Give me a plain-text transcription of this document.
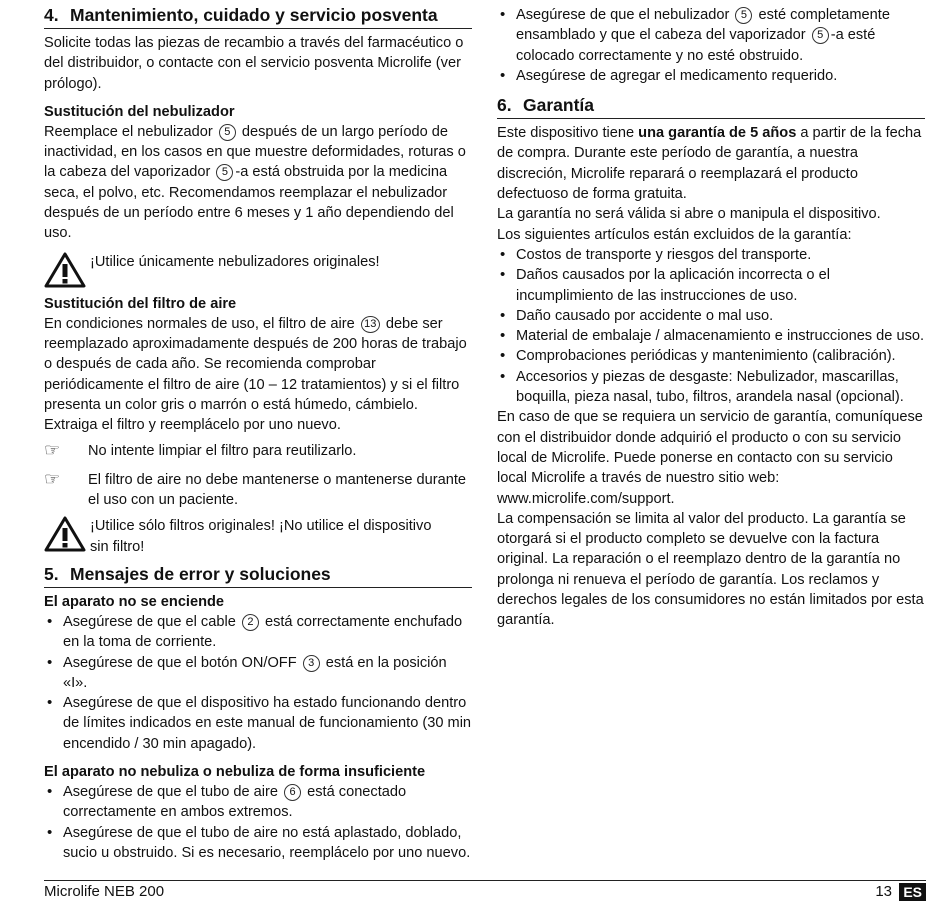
4. Mantenimiento, cuidado y servicio posventa

Solicite todas las piezas de recambio a través del farmacéutico o del distribuidor, o contacte con el servicio posventa Microlife (ver prólogo).

Sustitución del nebulizador

Reemplace el nebulizador 5 después de un largo período de inactividad, en los casos en que muestre deformidades, roturas o la cabeza del vaporizador 5 -a está obstruida por la medicina seca, el polvo, etc. Recomendamos reemplazar el nebulizador después de un período entre 6 meses y 1 año dependiendo del uso.

¡Utilice únicamente nebulizadores originales!

Sustitución del filtro de aire

En condiciones normales de uso, el filtro de aire 13 debe ser reemplazado aproximadamente después de 200 horas de trabajo o después de cada año. Se recomienda comprobar periódicamente el filtro de aire (10 – 12 tratamientos) y si el filtro presenta un color gris o marrón o está húmedo, cámbielo. Extraiga el filtro y reemplácelo por uno nuevo.

☞	No intente limpiar el filtro para reutilizarlo.
☞	El filtro de aire no debe mantenerse o mantenerse durante el uso con un paciente.
¡Utilice sólo filtros originales! ¡No utilice el dispositivo sin filtro!
5. Mensajes de error y soluciones

El aparato no se enciende

• Asegúrese de que el cable 2 está correctamente enchufado en la toma de corriente.
• Asegúrese de que el botón ON/OFF 3 está en la posición «I».
• Asegúrese de que el dispositivo ha estado funcionando dentro de límites indicados en este manual de funcionamiento (30 min encendido / 30 min apagado).

El aparato no nebuliza o nebuliza de forma insuficiente

• Asegúrese de que el tubo de aire 6 está conectado correctamente en ambos extremos.
• Asegúrese de que el tubo de aire no está aplastado, doblado, sucio u obstruido. Si es necesario, reemplácelo por uno nuevo.
• Asegúrese de que el nebulizador 5 esté completamente ensamblado y que el cabeza del vaporizador 5 -a esté colocado correctamente y no esté obstruido.
• Asegúrese de agregar el medicamento requerido.
6. Garantía

Este dispositivo tiene una garantía de 5 años a partir de la fecha de compra. Durante este período de garantía, a nuestra discreción, Microlife reparará o reemplazará el producto defectuoso de forma gratuita.

La garantía no será válida si abre o manipula el dispositivo.

Los siguientes artículos están excluidos de la garantía:

• Costos de transporte y riesgos del transporte.
• Daños causados por la aplicación incorrecta o el incumplimiento de las instrucciones de uso.
• Daño causado por accidente o mal uso.
• Material de embalaje / almacenamiento e instrucciones de uso.
• Comprobaciones periódicas y mantenimiento (calibración).
• Accesorios y piezas de desgaste: Nebulizador, mascarillas, boquilla, pieza nasal, tubo, filtros, arandela nasal (opcional).

En caso de que se requiera un servicio de garantía, comuníquese con el distribuidor donde adquirió el producto o con su servicio local de Microlife. Puede ponerse en contacto con su servicio local Microlife a través de nuestro sitio web: www.microlife.com/support.

La compensación se limita al valor del producto. La garantía se otorgará si el producto completo se devuelve con la factura original. La reparación o el reemplazo dentro de la garantía no prolonga ni renueva el período de garantía. Los reclamos y derechos legales de los consumidores no están limitados por esta garantía.

Microlife NEB 200	13 ES
